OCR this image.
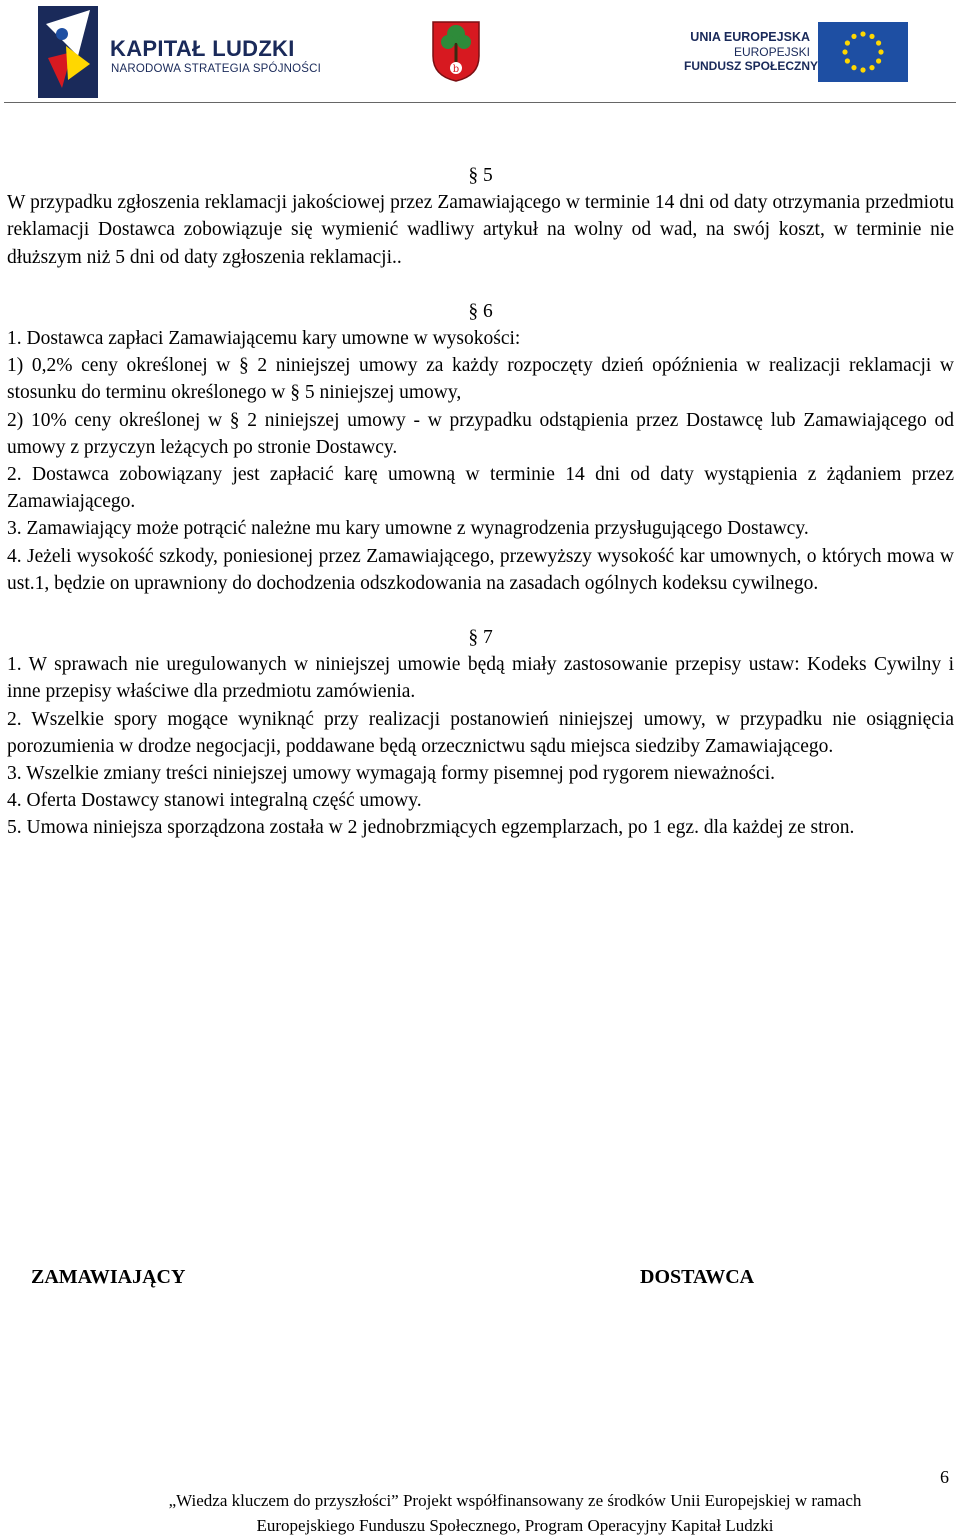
KAPITAŁ LUDZKI
NARODOWA STRATEGIA SPÓJNOŚCI	b
UNIA EUROPEJSKA
EUROPEJSKI
FUNDUSZ SPOŁECZNY
§ 5

W przypadku zgłoszenia reklamacji jakościowej przez Zamawiającego w terminie 14 dni od daty otrzymania przedmiotu reklamacji Dostawca zobowiązuje się wymienić wadliwy artykuł na wolny od wad, na swój koszt, w terminie nie dłuższym niż 5 dni od daty zgłoszenia reklamacji..

§ 6

1. Dostawca zapłaci Zamawiającemu kary umowne w wysokości:

1) 0,2% ceny określonej w § 2 niniejszej umowy za każdy rozpoczęty dzień opóźnienia w realizacji reklamacji w stosunku do terminu określonego w § 5 niniejszej umowy,

2) 10% ceny określonej w § 2 niniejszej umowy - w przypadku odstąpienia przez Dostawcę lub Zamawiającego od umowy z przyczyn leżących po stronie Dostawcy.

2. Dostawca zobowiązany jest zapłacić karę umowną w terminie 14 dni od daty wystąpienia z żądaniem przez Zamawiającego.

3. Zamawiający może potrącić należne mu kary umowne z wynagrodzenia przysługującego Dostawcy.

4. Jeżeli wysokość szkody, poniesionej przez Zamawiającego, przewyższy wysokość kar umownych, o których mowa w ust.1, będzie on uprawniony do dochodzenia odszkodowania na zasadach ogólnych kodeksu cywilnego.

§ 7

1. W sprawach nie uregulowanych w niniejszej umowie będą miały zastosowanie przepisy ustaw: Kodeks Cywilny i inne przepisy właściwe dla przedmiotu zamówienia.

2. Wszelkie spory mogące wyniknąć przy realizacji postanowień niniejszej umowy, w przypadku nie osiągnięcia porozumienia w drodze negocjacji, poddawane będą orzecznictwu sądu miejsca siedziby Zamawiającego.

3. Wszelkie zmiany treści niniejszej umowy wymagają formy pisemnej pod rygorem nieważności.

4. Oferta Dostawcy stanowi integralną część umowy.

5. Umowa niniejsza sporządzona została w 2 jednobrzmiących egzemplarzach, po 1 egz. dla każdej ze stron.

ZAMAWIAJĄCY	DOSTAWCA
6
„Wiedza kluczem do przyszłości” Projekt współfinansowany ze środków Unii Europejskiej w ramach
Europejskiego Funduszu Społecznego, Program Operacyjny Kapitał Ludzki
